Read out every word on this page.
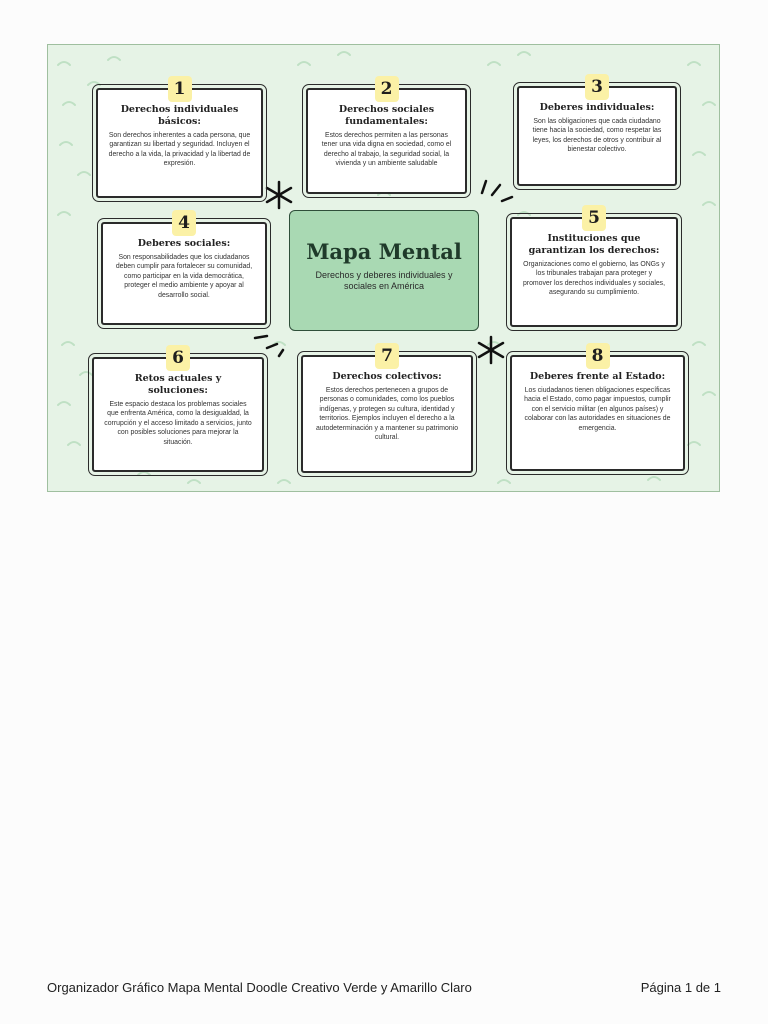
Mapa Mental

Derechos y deberes individuales y sociales en América

1
Derechos individuales básicos:

Son derechos inherentes a cada persona, que garantizan su libertad y seguridad. Incluyen el derecho a la vida, la privacidad y la libertad de expresión.

2
Derechos sociales fundamentales:

Estos derechos permiten a las personas tener una vida digna en sociedad, como el derecho al trabajo, la seguridad social, la vivienda y un ambiente saludable

3
Deberes individuales:

Son las obligaciones que cada ciudadano tiene hacia la sociedad, como respetar las leyes, los derechos de otros y contribuir al bienestar colectivo.

4
Deberes sociales:

Son responsabilidades que los ciudadanos deben cumplir para fortalecer su comunidad, como participar en la vida democrática, proteger el medio ambiente y apoyar al desarrollo social.

5
Instituciones que garantizan los derechos:

Organizaciones como el gobierno, las ONGs y los tribunales trabajan para proteger y promover los derechos individuales y sociales, asegurando su cumplimiento.

6
Retos actuales y soluciones:

Este espacio destaca los problemas sociales que enfrenta América, como la desigualdad, la corrupción y el acceso limitado a servicios, junto con posibles soluciones para mejorar la situación.

7
Derechos colectivos:

Estos derechos pertenecen a grupos de personas o comunidades, como los pueblos indígenas, y protegen su cultura, identidad y territorios. Ejemplos incluyen el derecho a la autodeterminación y a mantener su patrimonio cultural.

8
Deberes frente al Estado:

Los ciudadanos tienen obligaciones específicas hacia el Estado, como pagar impuestos, cumplir con el servicio militar (en algunos países) y colaborar con las autoridades en situaciones de emergencia.

Organizador Gráfico Mapa Mental Doodle Creativo Verde y Amarillo Claro	Página 1 de 1
